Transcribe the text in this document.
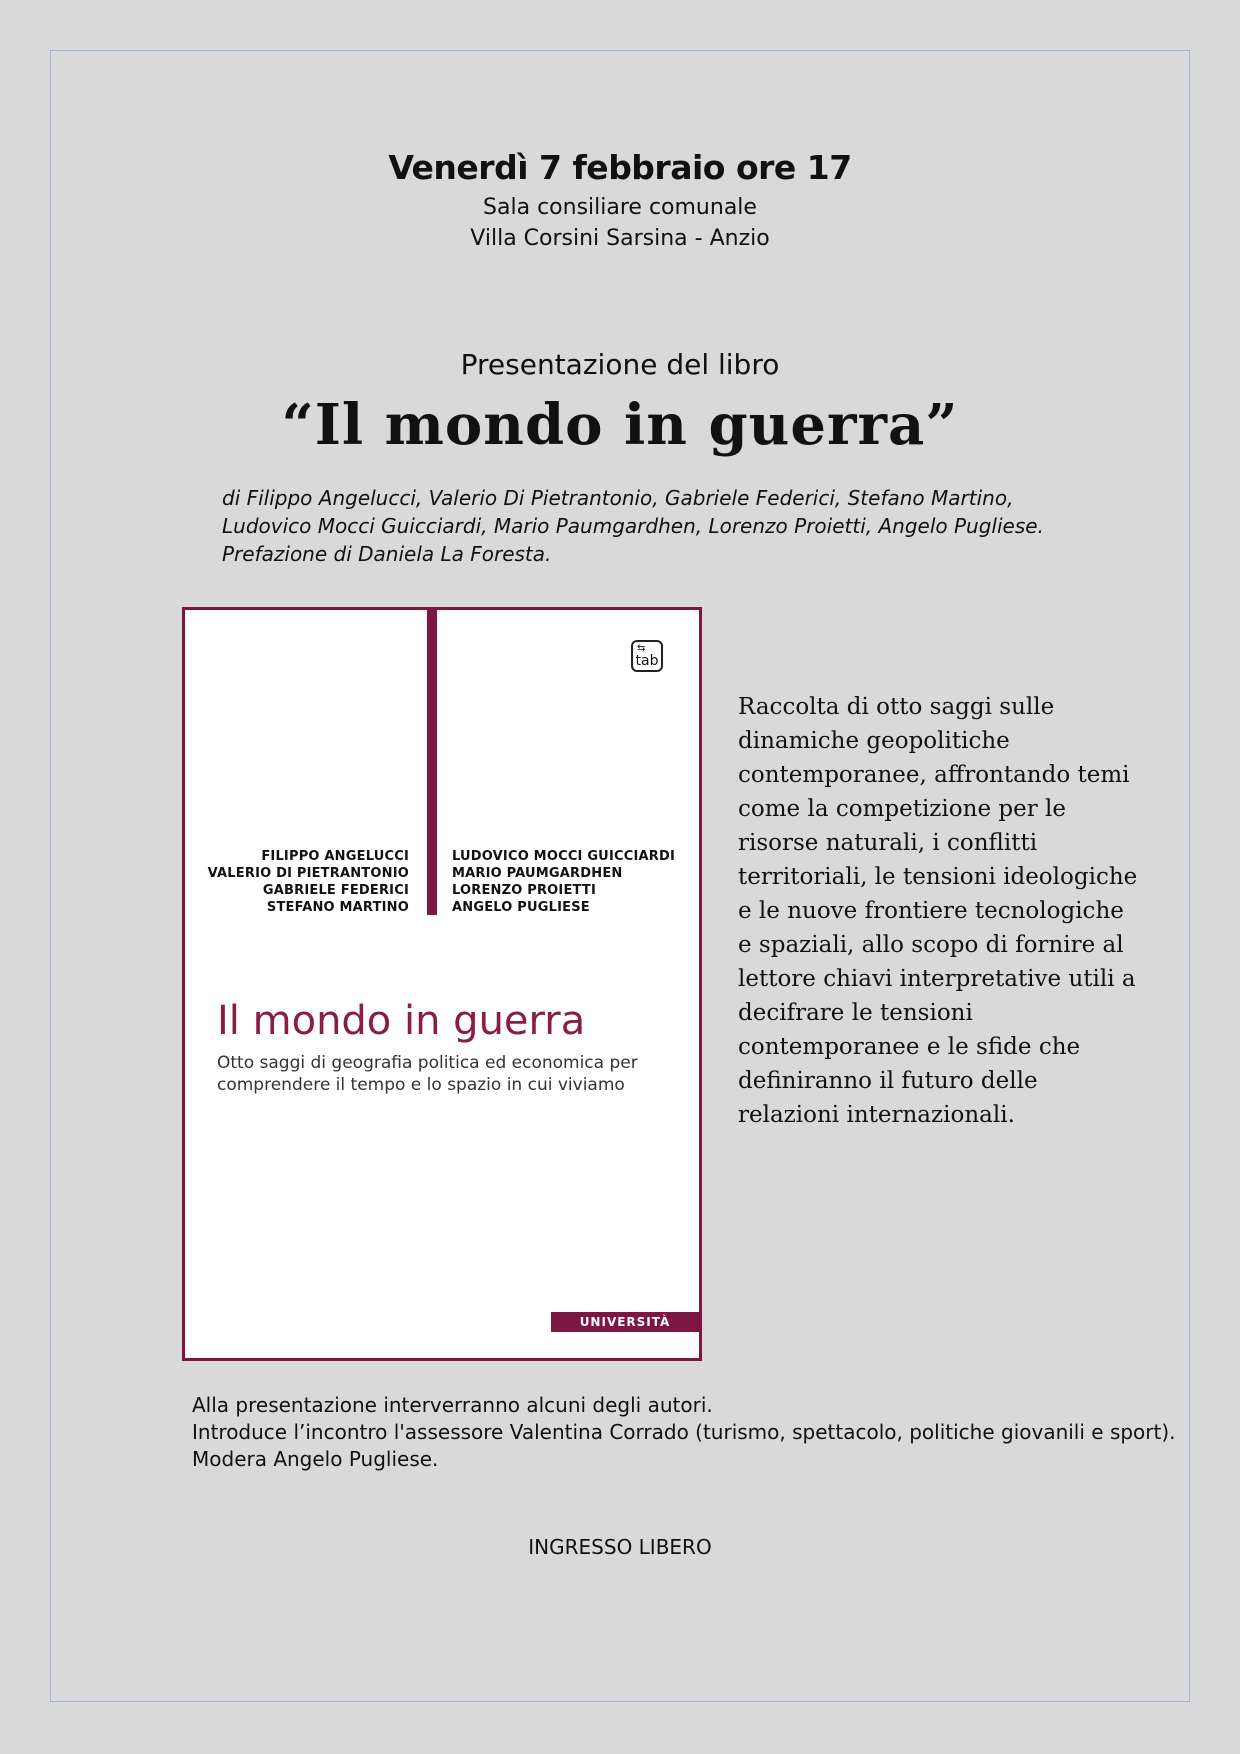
Venerdì 7 febbraio ore 17
Sala consiliare comunale
Villa Corsini Sarsina - Anzio
Presentazione del libro
“Il mondo in guerra”
di Filippo Angelucci, Valerio Di Pietrantonio, Gabriele Federici, Stefano Martino,
Ludovico Mocci Guicciardi, Mario Paumgardhen, Lorenzo Proietti, Angelo Pugliese.
Prefazione di Daniela La Foresta.
⇆
tab
FILIPPO ANGELUCCI
VALERIO DI PIETRANTONIO
GABRIELE FEDERICI
STEFANO MARTINO
LUDOVICO MOCCI GUICCIARDI
MARIO PAUMGARDHEN
LORENZO PROIETTI
ANGELO PUGLIESE
Il mondo in guerra
Otto saggi di geografia politica ed economica per comprendere il tempo e lo spazio in cui viviamo
UNIVERSITÀ
Raccolta di otto saggi sulle dinamiche geopolitiche contemporanee, affrontando temi come la competizione per le risorse naturali, i conflitti territoriali, le tensioni ideologiche e le nuove frontiere tecnologiche e spaziali, allo scopo di fornire al lettore chiavi interpretative utili a decifrare le tensioni contemporanee e le sfide che definiranno il futuro delle relazioni internazionali.
Alla presentazione interverranno alcuni degli autori.
Introduce l’incontro l'assessore Valentina Corrado (turismo, spettacolo, politiche giovanili e sport).
Modera Angelo Pugliese.
INGRESSO LIBERO
